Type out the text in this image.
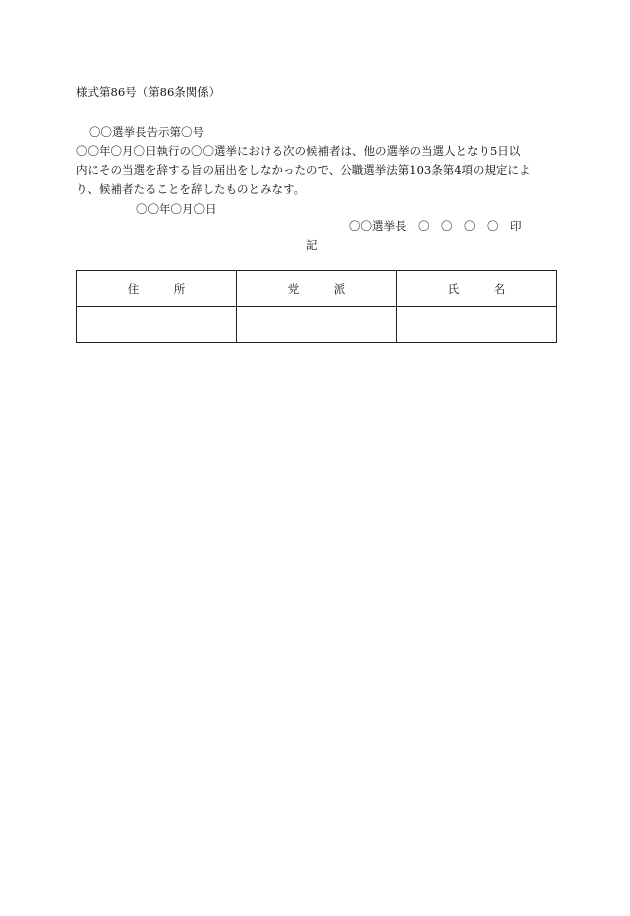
様式第86号（第86条関係）
〇〇選挙長告示第〇号
〇〇年〇月〇日執行の〇〇選挙における次の候補者は、他の選挙の当選人となり5日以
内にその当選を辞する旨の届出をしなかったので、公職選挙法第103条第4項の規定によ
り、候補者たることを辞したものとみなす。
〇〇年〇月〇日
〇〇選挙長　〇　〇　〇　〇　印
記
住　　　所	党　　　派	氏　　　名
